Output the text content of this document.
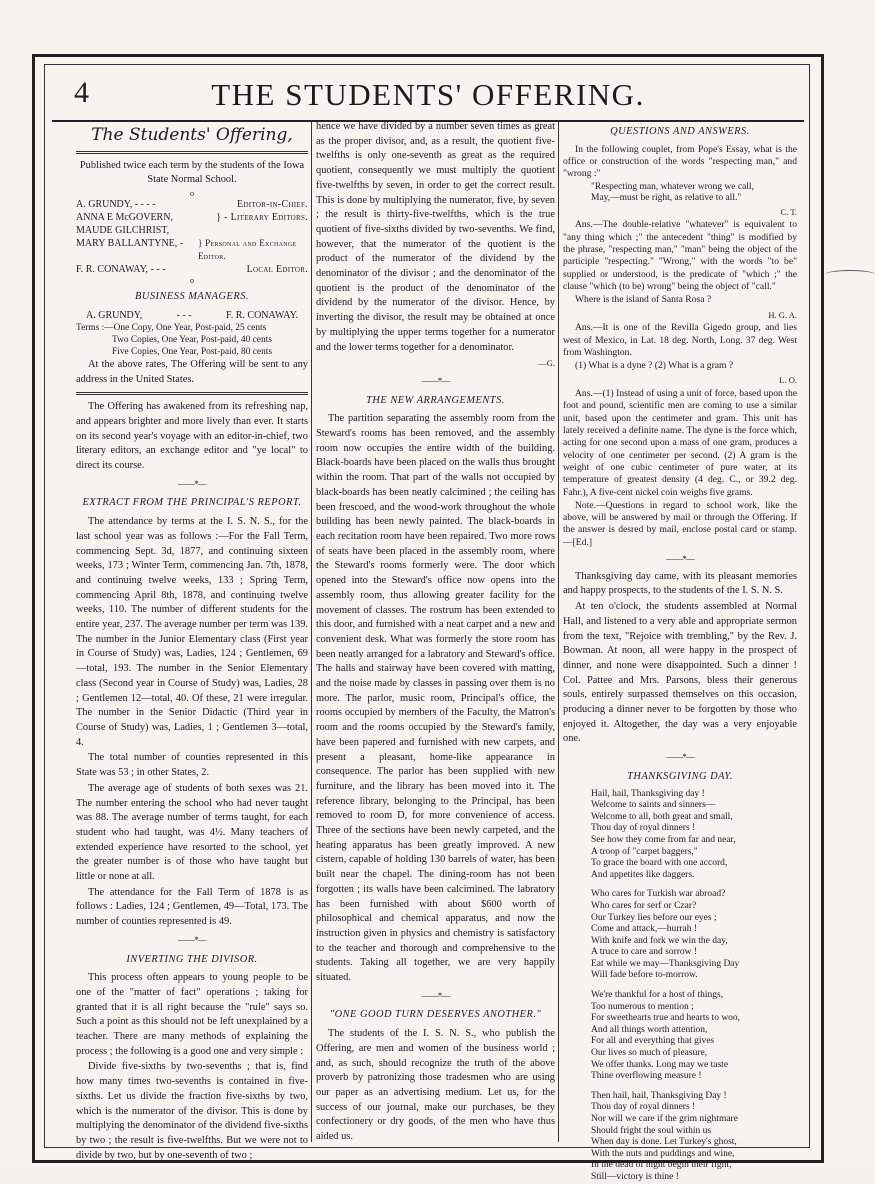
4	THE STUDENTS' OFFERING.
The Students' Offering,

Published twice each term by the students of the Iowa State Normal School.

o
A. GRUNDY, - - - -	Editor-in-Chief.
ANNA E McGOVERN, MAUDE GILCHRIST,
} - Literary Editors.
MARY BALLANTYNE, - } Personal and Exchange Editor.
F. R. CONAWAY, - - -	Local Editor.
o
BUSINESS MANAGERS.
A. GRUNDY,	- - -	F. R. CONAWAY.
Terms :—One Copy, One Year, Post-paid, 25 cents
Two Copies, One Year, Post-paid, 40 cents
Five Copies, One Year, Post-paid, 80 cents

At the above rates, The Offering will be sent to any address in the United States.

The Offering has awakened from its refreshing nap, and appears brighter and more lively than ever. It starts on its second year's voyage with an editor-in-chief, two literary editors, an exchange editor and "ye local" to direct its course.

——*—
EXTRACT FROM THE PRINCIPAL'S REPORT.

The attendance by terms at the I. S. N. S., for the last school year was as follows :—For the Fall Term, commencing Sept. 3d, 1877, and continuing sixteen weeks, 173 ; Winter Term, commencing Jan. 7th, 1878, and continuing twelve weeks, 133 ; Spring Term, commencing April 8th, 1878, and continuing twelve weeks, 110. The number of different students for the entire year, 237. The average number per term was 139. The number in the Junior Elementary class (First year in Course of Study) was, Ladies, 124 ; Gentlemen, 69—total, 193. The number in the Senior Elementary class (Second year in Course of Study) was, Ladies, 28 ; Gentlemen 12—total, 40. Of these, 21 were irregular. The number in the Senior Didactic (Third year in Course of Study) was, Ladies, 1 ; Gentlemen 3—total, 4.

The total number of counties represented in this State was 53 ; in other States, 2.

The average age of students of both sexes was 21. The number entering the school who had never taught was 88. The average number of terms taught, for each student who had taught, was 4½. Many teachers of extended experience have resorted to the school, yet the greater number is of those who have taught but little or none at all.

The attendance for the Fall Term of 1878 is as follows : Ladies, 124 ; Gentlemen, 49—Total, 173. The number of counties represented is 49.

——*—
INVERTING THE DIVISOR.

This process often appears to young people to be one of the "matter of fact" operations ; taking for granted that it is all right because the "rule" says so. Such a point as this should not be left unexplained by a teacher. There are many methods of explaining the process ; the following is a good one and very simple :

Divide five-sixths by two-sevenths ; that is, find how many times two-sevenths is contained in five-sixths. Let us divide the fraction five-sixths by two, which is the numerator of the divisor. This is done by multiplying the denominator of the dividend five-sixths by two ; the result is five-twelfths. But we were not to divide by two, but by one-seventh of two ;

hence we have divided by a number seven times as great as the proper divisor, and, as a result, the quotient five-twelfths is only one-seventh as great as the required quotient, consequently we must multiply the quotient five-twelfths by seven, in order to get the correct result. This is done by multiplying the numerator, five, by seven ; the result is thirty-five-twelfths, which is the true quotient of five-sixths divided by two-sevenths. We find, however, that the numerator of the quotient is the product of the numerator of the dividend by the denominator of the divisor ; and the denominator of the quotient is the product of the denominator of the dividend by the numerator of the divisor. Hence, by inverting the divisor, the result may be obtained at once by multiplying the upper terms together for a numerator and the lower terms together for a denominator.

—G.
——*—
THE NEW ARRANGEMENTS.

The partition separating the assembly room from the Steward's rooms has been removed, and the assembly room now occupies the entire width of the building. Black-boards have been placed on the walls thus brought within the room. That part of the walls not occupied by black-boards has been neatly calcimined ; the ceiling has been frescoed, and the wood-work throughout the whole building has been newly painted. The black-boards in each recitation room have been repaired. Two more rows of seats have been placed in the assembly room, where the Steward's rooms formerly were. The door which opened into the Steward's office now opens into the assembly room, thus allowing greater facility for the movement of classes. The rostrum has been extended to this door, and furnished with a neat carpet and a new and convenient desk. What was formerly the store room has been neatly arranged for a labratory and Steward's office. The halls and stairway have been covered with matting, and the noise made by classes in passing over them is no more. The parlor, music room, Principal's office, the rooms occupied by members of the Faculty, the Matron's room and the rooms occupied by the Steward's family, have been papered and furnished with new carpets, and present a pleasant, home-like appearance in consequence. The parlor has been supplied with new furniture, and the library has been moved into it. The reference library, belonging to the Principal, has been removed to room D, for more convenience of access. Three of the sections have been newly carpeted, and the heating apparatus has been greatly improved. A new cistern, capable of holding 130 barrels of water, has been built near the chapel. The dining-room has not been forgotten ; its walls have been calcimined. The labratory has been furnished with about $600 worth of philosophical and chemical apparatus, and now the instruction given in physics and chemistry is satisfactory to the teacher and thorough and comprehensive to the students. Taking all together, we are very happily situated.

——*—
"ONE GOOD TURN DESERVES ANOTHER."

The students of the I. S. N. S., who publish the Offering, are men and women of the business world ; and, as such, should recognize the truth of the above proverb by patronizing those tradesmen who are using our paper as an advertising medium. Let us, for the success of our journal, make our purchases, be they confectionery or dry goods, of the men who have thus aided us.

QUESTIONS AND ANSWERS.

In the following couplet, from Pope's Essay, what is the office or construction of the words "respecting man," and "wrong :"

"Respecting man, whatever wrong we call,
May,—must be right, as relative to all."
C. T.

Ans.—The double-relative "whatever" is equivalent to "any thing which ;" the antecedent "thing" is modified by the phrase, "respecting man," "man" being the object of the participle "respecting." "Wrong," with the words "to be" supplied or understood, is the predicate of "which ;" the clause "which (to be) wrong" being the object of "call."

Where is the island of Santa Rosa ?

H. G. A.

Ans.—It is one of the Revilla Gigedo group, and lies west of Mexico, in Lat. 18 deg. North, Long. 37 deg. West from Washington.

(1) What is a dyne ? (2) What is a gram ?

L. O.

Ans.—(1) Instead of using a unit of force, based upon the foot and pound, scientific men are coming to use a similar unit, based upon the centimeter and gram. This unit has lately received a definite name. The dyne is the force which, acting for one second upon a mass of one gram, produces a velocity of one centimeter per second. (2) A gram is the weight of one cubic centimeter of pure water, at its temperature of greatest density (4 deg. C., or 39.2 deg. Fahr.), A five-cent nickel coin weighs five grams.

Note.—Questions in regard to school work, like the above, will be answered by mail or through the Offering. If the answer is desred by mail, enclose postal card or stamp.—[Ed.]

——*—

Thanksgiving day came, with its pleasant memories and happy prospects, to the students of the I. S. N. S.

At ten o'clock, the students assembled at Normal Hall, and listened to a very able and appropriate sermon from the text, "Rejoice with trembling," by the Rev. J. Bowman. At noon, all were happy in the prospect of dinner, and none were disappointed. Such a dinner ! Col. Pattee and Mrs. Parsons, bless their generous souls, entirely surpassed themselves on this occasion, producing a dinner never to be forgotten by those who enjoyed it. Altogether, the day was a very enjoyable one.

——*—
THANKSGIVING DAY.
Hail, hail, Thanksgiving day !
Welcome to saints and sinners—
Welcome to all, both great and small,
Thou day of royal dinners !
See how they come from far and near,
A troop of "carpet baggers,"
To grace the board with one accord,
And appetites like daggers.
Who cares for Turkish war abroad?
Who cares for serf or Czar?
Our Turkey lies before our eyes ;
Come and attack,—hurrah !
With knife and fork we win the day,
A truce to care and sorrow !
Eat while we may—Thanksgiving Day
Will fade before to-morrow.
We're thankful for a host of things,
Too numerous to mention ;
For sweethearts true and hearts to woo,
And all things worth attention,
For all and everything that gives
Our lives so much of pleasure,
We offer thanks. Long may we taste
Thine overflowing measure !
Then hail, hail, Thanksgiving Day !
Thou day of royal dinners !
Nor will we care if the grim nightmare
Should fright the soul within us
When day is done. Let Turkey's ghost,
With the nuts and puddings and wine,
In the dead of night begin their fight,
Still—victory is thine !
